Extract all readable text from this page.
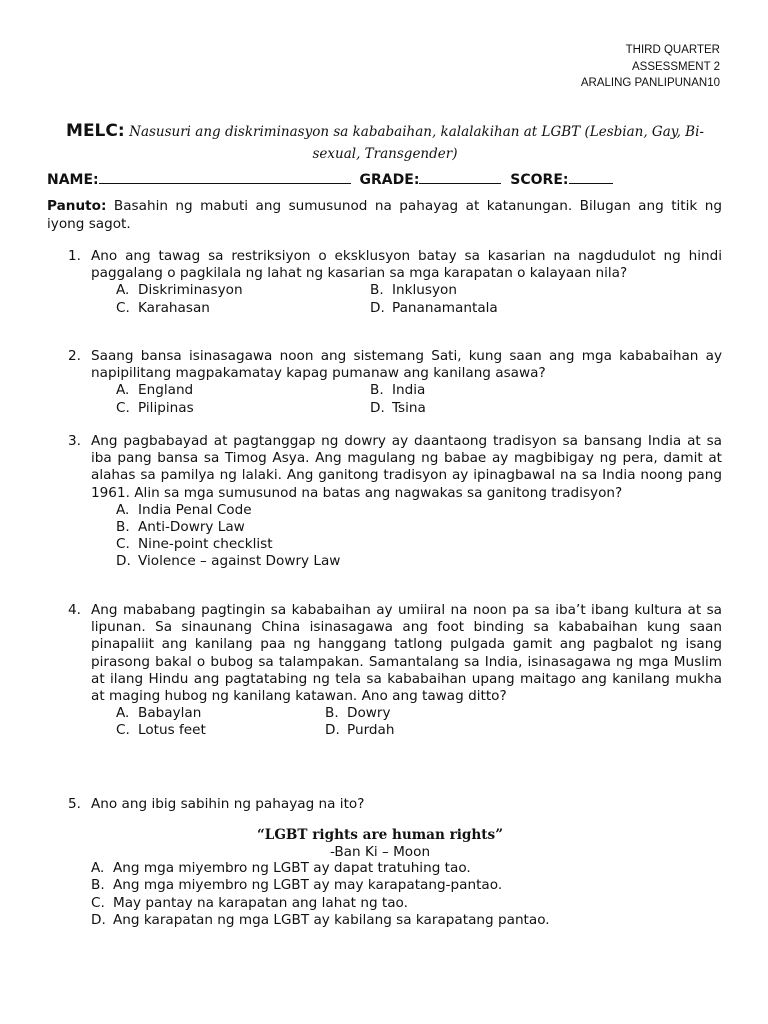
THIRD QUARTER
ASSESSMENT 2
ARALING PANLIPUNAN10
MELC: Nasusuri ang diskriminasyon sa kababaihan, kalalakihan at LGBT (Lesbian, Gay, Bi-sexual, Transgender)
NAME:	GRADE:	SCORE:
Panuto: Basahin ng mabuti ang sumusunod na pahayag at katanungan. Bilugan ang titik ng iyong sagot.
1. Ano ang tawag sa restriksiyon o eksklusyon batay sa kasarian na nagdudulot ng hindi paggalang o pagkilala ng lahat ng kasarian sa mga karapatan o kalayaan nila?
A. Diskriminasyon	B. Inklusyon
C. Karahasan	D. Pananamantala
2. Saang bansa isinasagawa noon ang sistemang Sati, kung saan ang mga kababaihan ay napipilitang magpakamatay kapag pumanaw ang kanilang asawa?
A. England	B. India
C. Pilipinas	D. Tsina
3. Ang pagbabayad at pagtanggap ng dowry ay daantaong tradisyon sa bansang India at sa iba pang bansa sa Timog Asya. Ang magulang ng babae ay magbibigay ng pera, damit at alahas sa pamilya ng lalaki. Ang ganitong tradisyon ay ipinagbawal na sa India noong pang 1961. Alin sa mga sumusunod na batas ang nagwakas sa ganitong tradisyon?
A. India Penal Code
B. Anti-Dowry Law
C. Nine-point checklist
D. Violence – against Dowry Law
4. Ang mababang pagtingin sa kababaihan ay umiiral na noon pa sa iba’t ibang kultura at sa lipunan. Sa sinaunang China isinasagawa ang foot binding sa kababaihan kung saan pinapaliit ang kanilang paa ng hanggang tatlong pulgada gamit ang pagbalot ng isang pirasong bakal o bubog sa talampakan. Samantalang sa India, isinasagawa ng mga Muslim at ilang Hindu ang pagtatabing ng tela sa kababaihan upang maitago ang kanilang mukha at maging hubog ng kanilang katawan. Ano ang tawag ditto?
A. Babaylan	B. Dowry
C. Lotus feet	D. Purdah
5. Ano ang ibig sabihin ng pahayag na ito?
“LGBT rights are human rights”
-Ban Ki – Moon
A. Ang mga miyembro ng LGBT ay dapat tratuhing tao.
B. Ang mga miyembro ng LGBT ay may karapatang-pantao.
C. May pantay na karapatan ang lahat ng tao.
D. Ang karapatan ng mga LGBT ay kabilang sa karapatang pantao.
